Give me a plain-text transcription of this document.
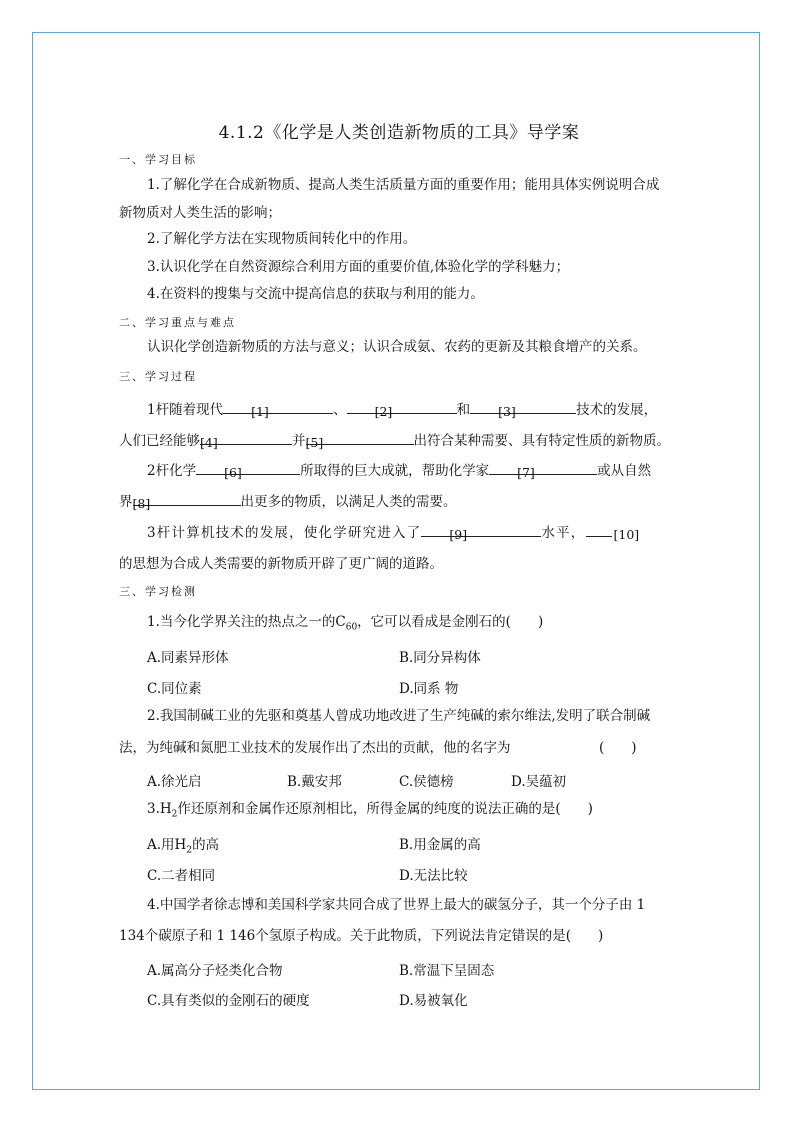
4.1.2《化学是人类创造新物质的工具》导学案
一、学习目标
1.了解化学在合成新物质、提高人类生活质量方面的重要作用；能用具体实例说明合成
新物质对人类生活的影响；
2.了解化学方法在实现物质间转化中的作用。
3.认识化学在自然资源综合利用方面的重要价值,体验化学的学科魅力；
4.在资料的搜集与交流中提高信息的获取与利用的能力。
二、学习重点与难点
认识化学创造新物质的方法与意义；认识合成氨、农药的更新及其粮食增产的关系。
三、学习过程
1杆随着现代 [1]	、 [2]	和 [3]	技术的发展，
人们已经能够[4]	并[5]	出符合某种需要、具有特定性质的新物质。
2杆化学 [6]	所取得的巨大成就，帮助化学家 [7]	或从自然
界[8]	出更多的物质，以满足人类的需要。
3杆计算机技术的发展，使化学研究进入了 [9]	水平， [10]
的思想为合成人类需要的新物质开辟了更广阔的道路。
三、学习检测
1.当今化学界关注的热点之一的$C_{60}$，它可以看成是金刚石的(　　)
A.同素异形体	B.同分异构体
C.同位素	D.同系 物
2.我国制碱工业的先驱和奠基人曾成功地改进了生产纯碱的索尔维法,发明了联合制碱
法，为纯碱和氮肥工业技术的发展作出了杰出的贡献，他的名字为	(　　)
A.徐光启	B.戴安邦	C.侯德榜	D.吴蕴初
$3.H_2$作还原剂和金属作还原剂相比，所得金属的纯度的说法正确的是(　　)
A.用$H_2$的高	B.用金属的高
C.二者相同	D.无法比较
4.中国学者徐志博和美国科学家共同合成了世界上最大的碳氢分子，其一个分子由 1
134个碳原子和 1 146个氢原子构成。关于此物质，下列说法肯定错误的是(　　)
A.属高分子烃类化合物	B.常温下呈固态
C.具有类似的金刚石的硬度	D.易被氧化
